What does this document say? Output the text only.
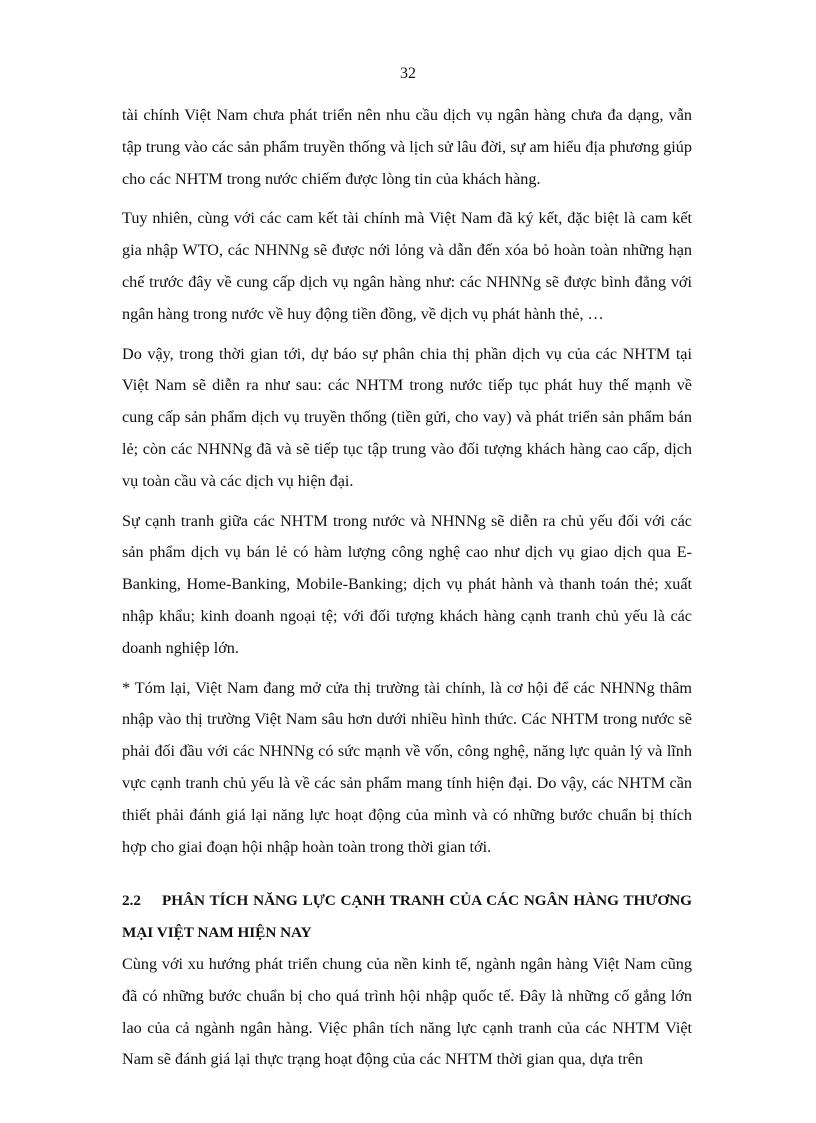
32

tài chính Việt Nam chưa phát triển nên nhu cầu dịch vụ ngân hàng chưa đa dạng, vẫn tập trung vào các sản phẩm truyền thống và lịch sử lâu đời, sự am hiểu địa phương giúp cho các NHTM trong nước chiếm được lòng tin của khách hàng.

Tuy nhiên, cùng với các cam kết tài chính mà Việt Nam đã ký kết, đặc biệt là cam kết gia nhập WTO, các NHNNg sẽ được nới lỏng và dẫn đến xóa bỏ hoàn toàn những hạn chế trước đây về cung cấp dịch vụ ngân hàng như: các NHNNg sẽ được bình đẳng với ngân hàng trong nước về huy động tiền đồng, về dịch vụ phát hành thẻ, …

Do vậy, trong thời gian tới, dự báo sự phân chia thị phần dịch vụ của các NHTM tại Việt Nam sẽ diễn ra như sau: các NHTM trong nước tiếp tục phát huy thế mạnh về cung cấp sản phẩm dịch vụ truyền thống (tiền gửi, cho vay) và phát triển sản phẩm bán lẻ; còn các NHNNg đã và sẽ tiếp tục tập trung vào đối tượng khách hàng cao cấp, dịch vụ toàn cầu và các dịch vụ hiện đại.

Sự cạnh tranh giữa các NHTM trong nước và NHNNg sẽ diễn ra chủ yếu đối với các sản phẩm dịch vụ bán lẻ có hàm lượng công nghệ cao như dịch vụ giao dịch qua E-Banking, Home-Banking, Mobile-Banking; dịch vụ phát hành và thanh toán thẻ; xuất nhập khẩu; kinh doanh ngoại tệ; với đối tượng khách hàng cạnh tranh chủ yếu là các doanh nghiệp lớn.

* Tóm lại, Việt Nam đang mở cửa thị trường tài chính, là cơ hội để các NHNNg thâm nhập vào thị trường Việt Nam sâu hơn dưới nhiều hình thức. Các NHTM trong nước sẽ phải đối đầu với các NHNNg có sức mạnh về vốn, công nghệ, năng lực quản lý và lĩnh vực cạnh tranh chủ yếu là về các sản phẩm mang tính hiện đại. Do vậy, các NHTM cần thiết phải đánh giá lại năng lực hoạt động của mình và có những bước chuẩn bị thích hợp cho giai đoạn hội nhập hoàn toàn trong thời gian tới.

2.2 PHÂN TÍCH NĂNG LỰC CẠNH TRANH CỦA CÁC NGÂN HÀNG THƯƠNG MẠI VIỆT NAM HIỆN NAY

Cùng với xu hướng phát triển chung của nền kinh tế, ngành ngân hàng Việt Nam cũng đã có những bước chuẩn bị cho quá trình hội nhập quốc tế. Đây là những cố gắng lớn lao của cả ngành ngân hàng. Việc phân tích năng lực cạnh tranh của các NHTM Việt Nam sẽ đánh giá lại thực trạng hoạt động của các NHTM thời gian qua, dựa trên
